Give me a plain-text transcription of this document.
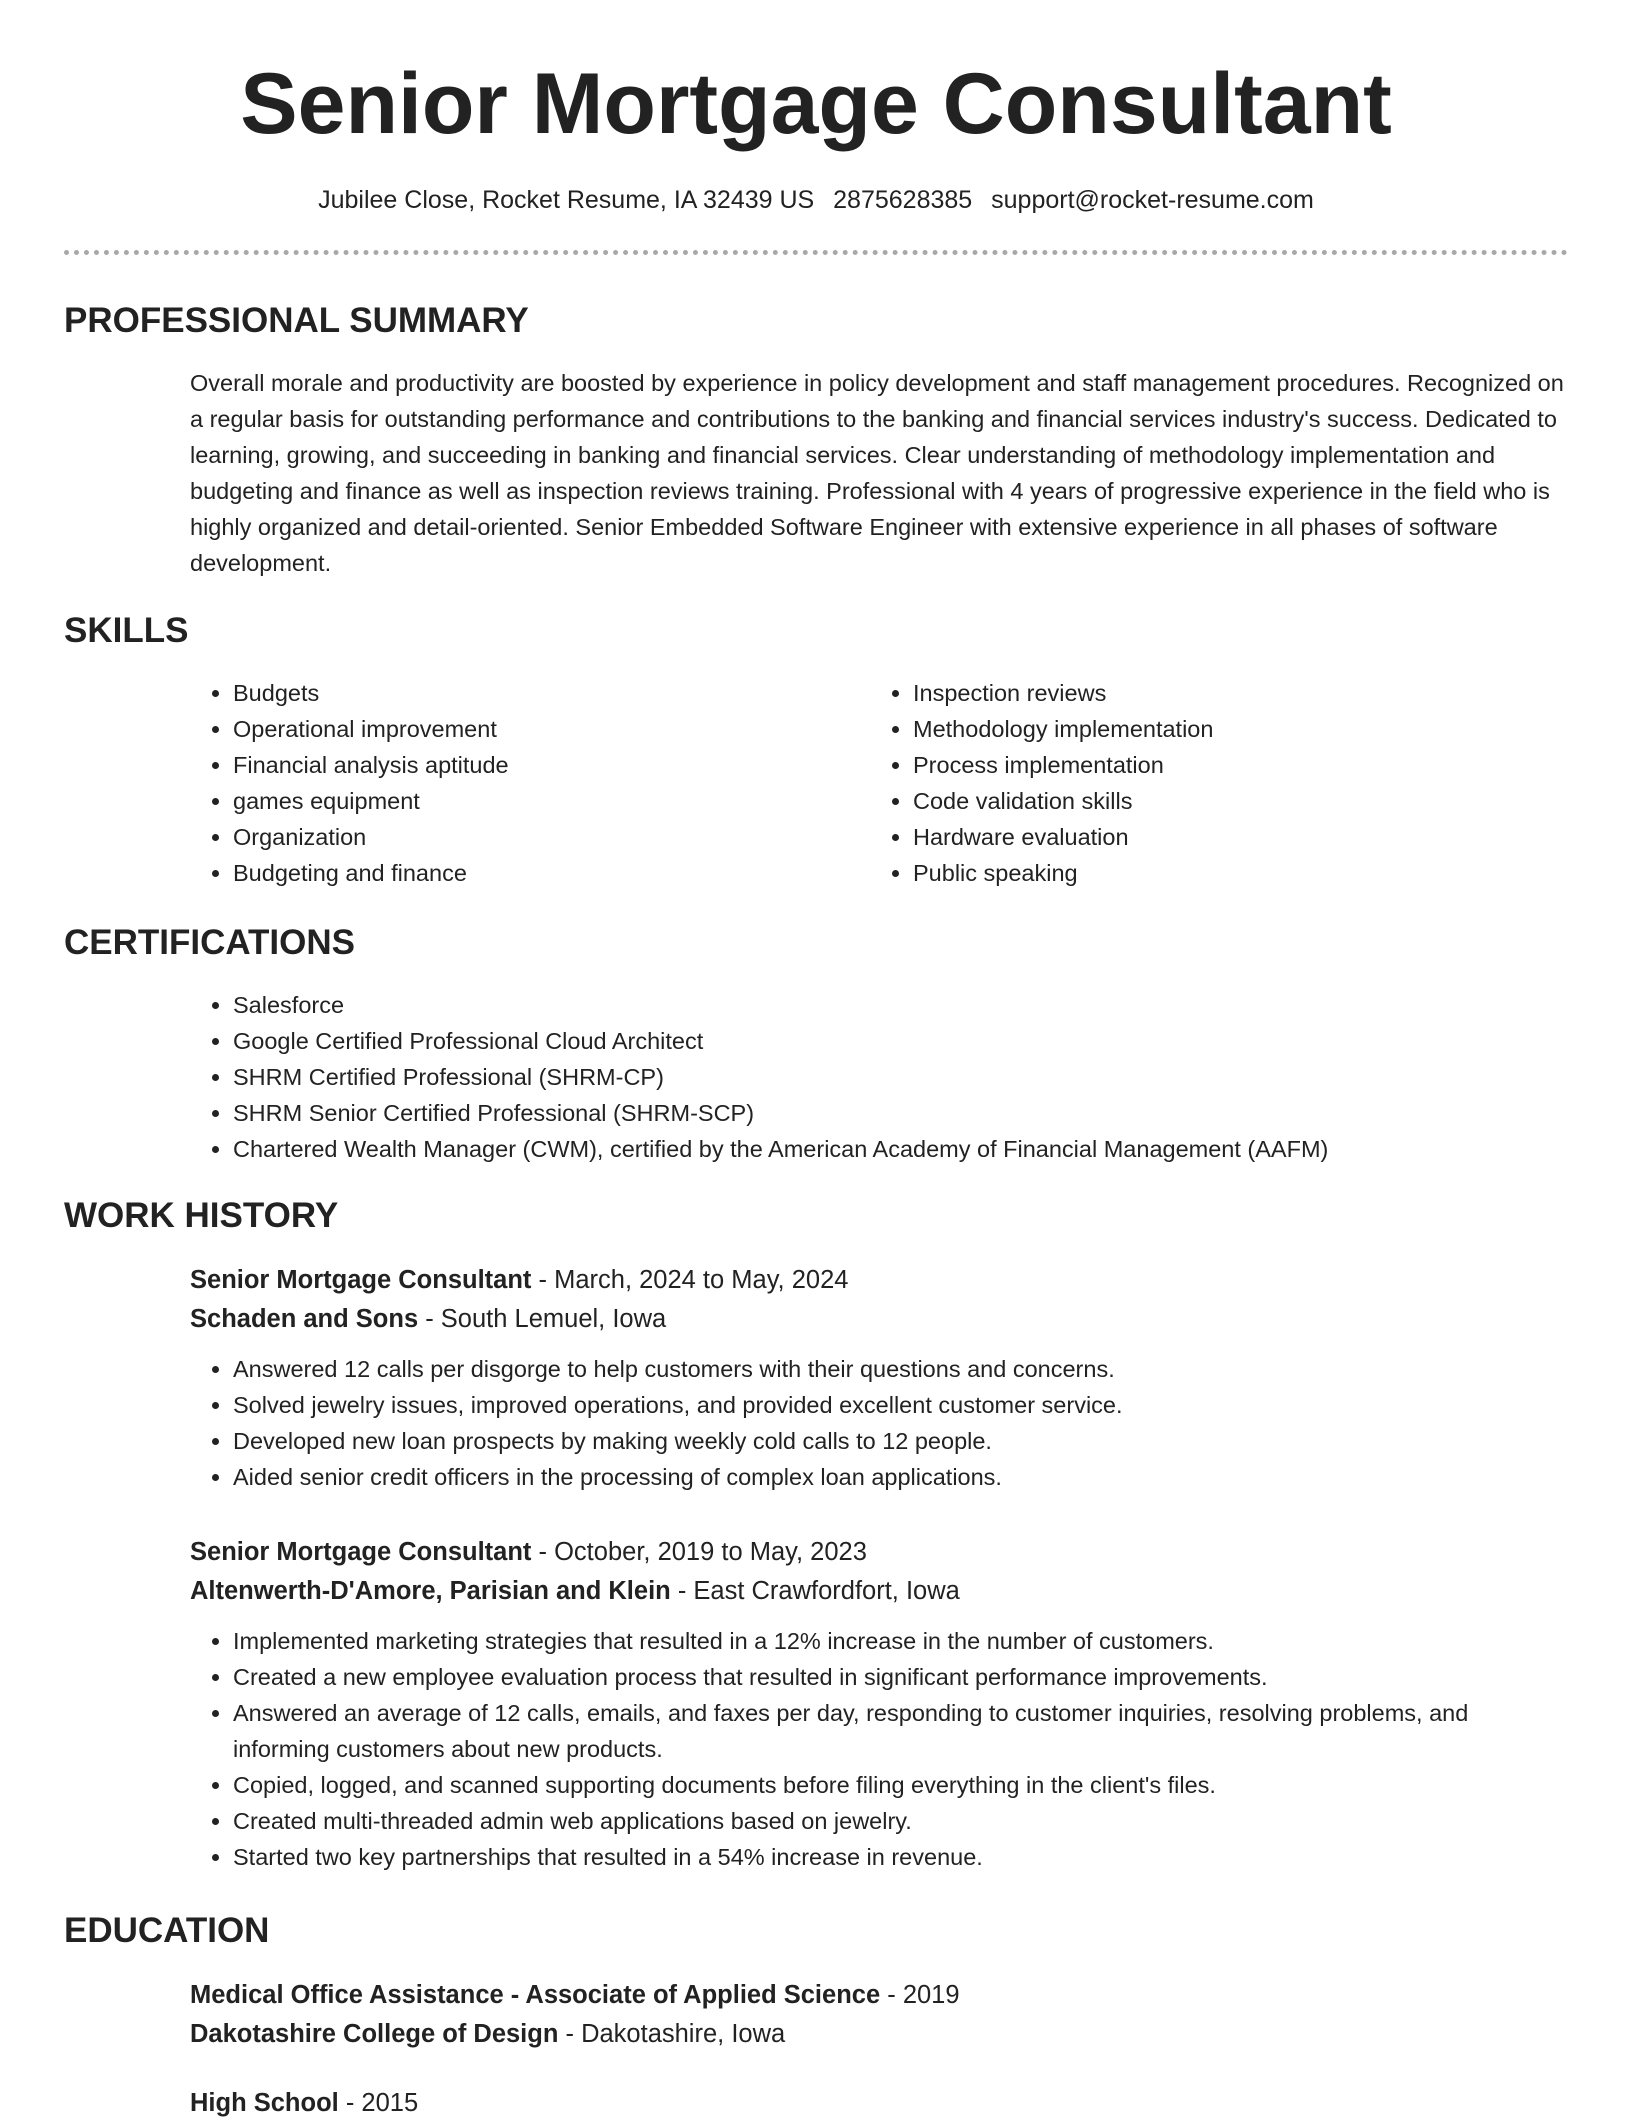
Senior Mortgage Consultant
Jubilee Close, Rocket Resume, IA 32439 US 2875628385 support@rocket-resume.com
PROFESSIONAL SUMMARY

Overall morale and productivity are boosted by experience in policy development and staff management procedures. Recognized on a regular basis for outstanding performance and contributions to the banking and financial services industry's success. Dedicated to learning, growing, and succeeding in banking and financial services. Clear understanding of methodology implementation and budgeting and finance as well as inspection reviews training. Professional with 4 years of progressive experience in the field who is highly organized and detail-oriented. Senior Embedded Software Engineer with extensive experience in all phases of software development.

SKILLS
• Budgets
• Operational improvement
• Financial analysis aptitude
• games equipment
• Organization
• Budgeting and finance
• Inspection reviews
• Methodology implementation
• Process implementation
• Code validation skills
• Hardware evaluation
• Public speaking
CERTIFICATIONS
• Salesforce
• Google Certified Professional Cloud Architect
• SHRM Certified Professional (SHRM-CP)
• SHRM Senior Certified Professional (SHRM-SCP)
• Chartered Wealth Manager (CWM), certified by the American Academy of Financial Management (AAFM)
WORK HISTORY
Senior Mortgage Consultant - March, 2024 to May, 2024
Schaden and Sons - South Lemuel, Iowa
• Answered 12 calls per disgorge to help customers with their questions and concerns.
• Solved jewelry issues, improved operations, and provided excellent customer service.
• Developed new loan prospects by making weekly cold calls to 12 people.
• Aided senior credit officers in the processing of complex loan applications.
Senior Mortgage Consultant - October, 2019 to May, 2023
Altenwerth-D'Amore, Parisian and Klein - East Crawfordfort, Iowa
• Implemented marketing strategies that resulted in a 12% increase in the number of customers.
• Created a new employee evaluation process that resulted in significant performance improvements.
• Answered an average of 12 calls, emails, and faxes per day, responding to customer inquiries, resolving problems, and informing customers about new products.
• Copied, logged, and scanned supporting documents before filing everything in the client's files.
• Created multi-threaded admin web applications based on jewelry.
• Started two key partnerships that resulted in a 54% increase in revenue.
EDUCATION
Medical Office Assistance - Associate of Applied Science - 2019
Dakotashire College of Design - Dakotashire, Iowa
High School - 2015
